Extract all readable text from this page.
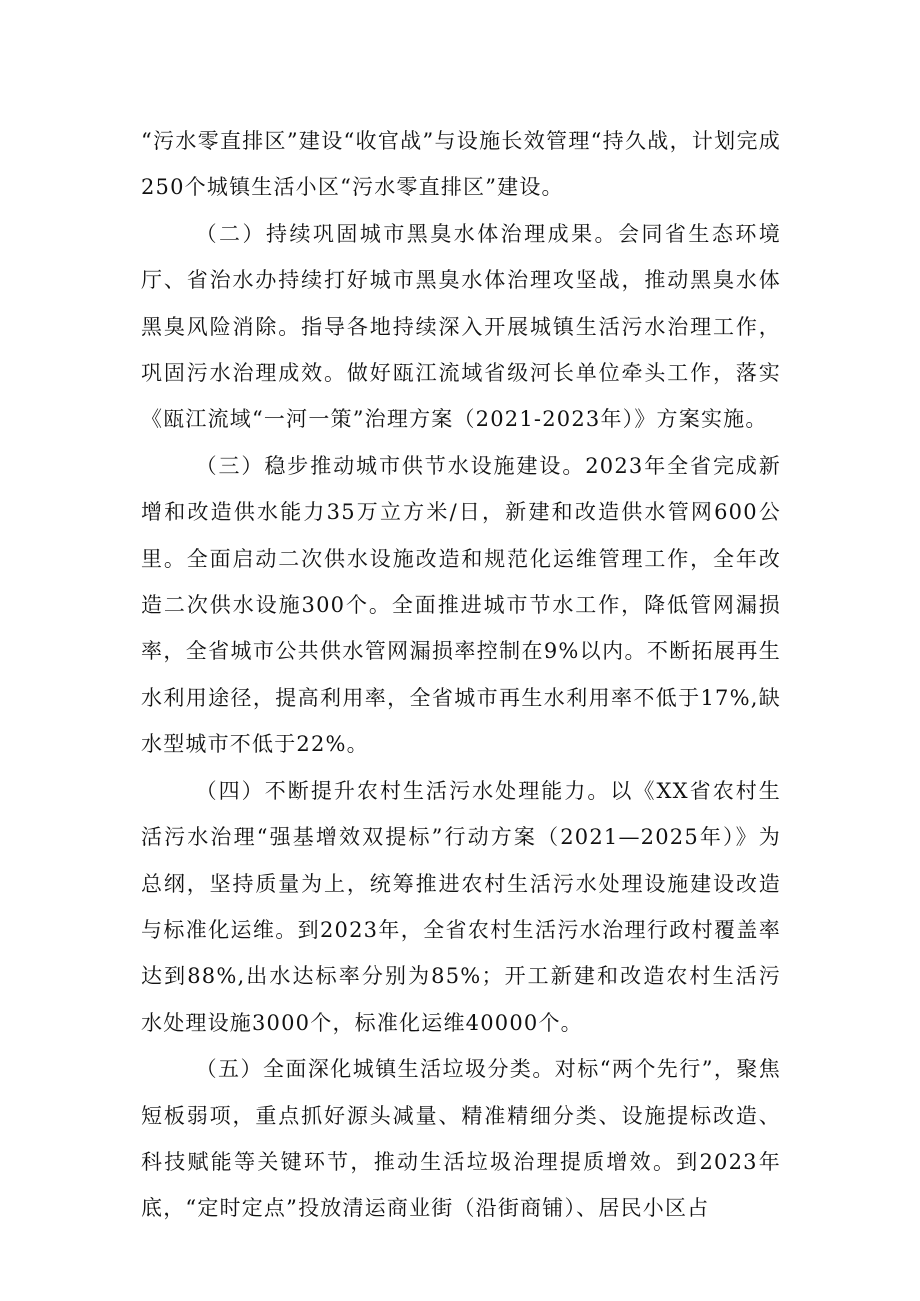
“污水零直排区”建设“收官战”与设施长效管理“持久战，计划完成250个城镇生活小区“污水零直排区”建设。

（二）持续巩固城市黑臭水体治理成果。会同省生态环境厅、省治水办持续打好城市黑臭水体治理攻坚战，推动黑臭水体黑臭风险消除。指导各地持续深入开展城镇生活污水治理工作，巩固污水治理成效。做好瓯江流域省级河长单位牵头工作，落实《瓯江流域“一河一策”治理方案（2021-2023年）》方案实施。

（三）稳步推动城市供节水设施建设。2023年全省完成新增和改造供水能力35万立方米/日，新建和改造供水管网600公里。全面启动二次供水设施改造和规范化运维管理工作，全年改造二次供水设施300个。全面推进城市节水工作，降低管网漏损率，全省城市公共供水管网漏损率控制在9%以内。不断拓展再生水利用途径，提高利用率，全省城市再生水利用率不低于17%,缺水型城市不低于22%。

（四）不断提升农村生活污水处理能力。以《XX省农村生活污水治理“强基增效双提标”行动方案（2021—2025年）》为总纲，坚持质量为上，统筹推进农村生活污水处理设施建设改造与标准化运维。到2023年，全省农村生活污水治理行政村覆盖率达到88%,出水达标率分别为85%；开工新建和改造农村生活污水处理设施3000个，标准化运维40000个。

（五）全面深化城镇生活垃圾分类。对标“两个先行”，聚焦短板弱项，重点抓好源头减量、精准精细分类、设施提标改造、科技赋能等关键环节，推动生活垃圾治理提质增效。到2023年底，“定时定点”投放清运商业街（沿街商铺）、居民小区占
